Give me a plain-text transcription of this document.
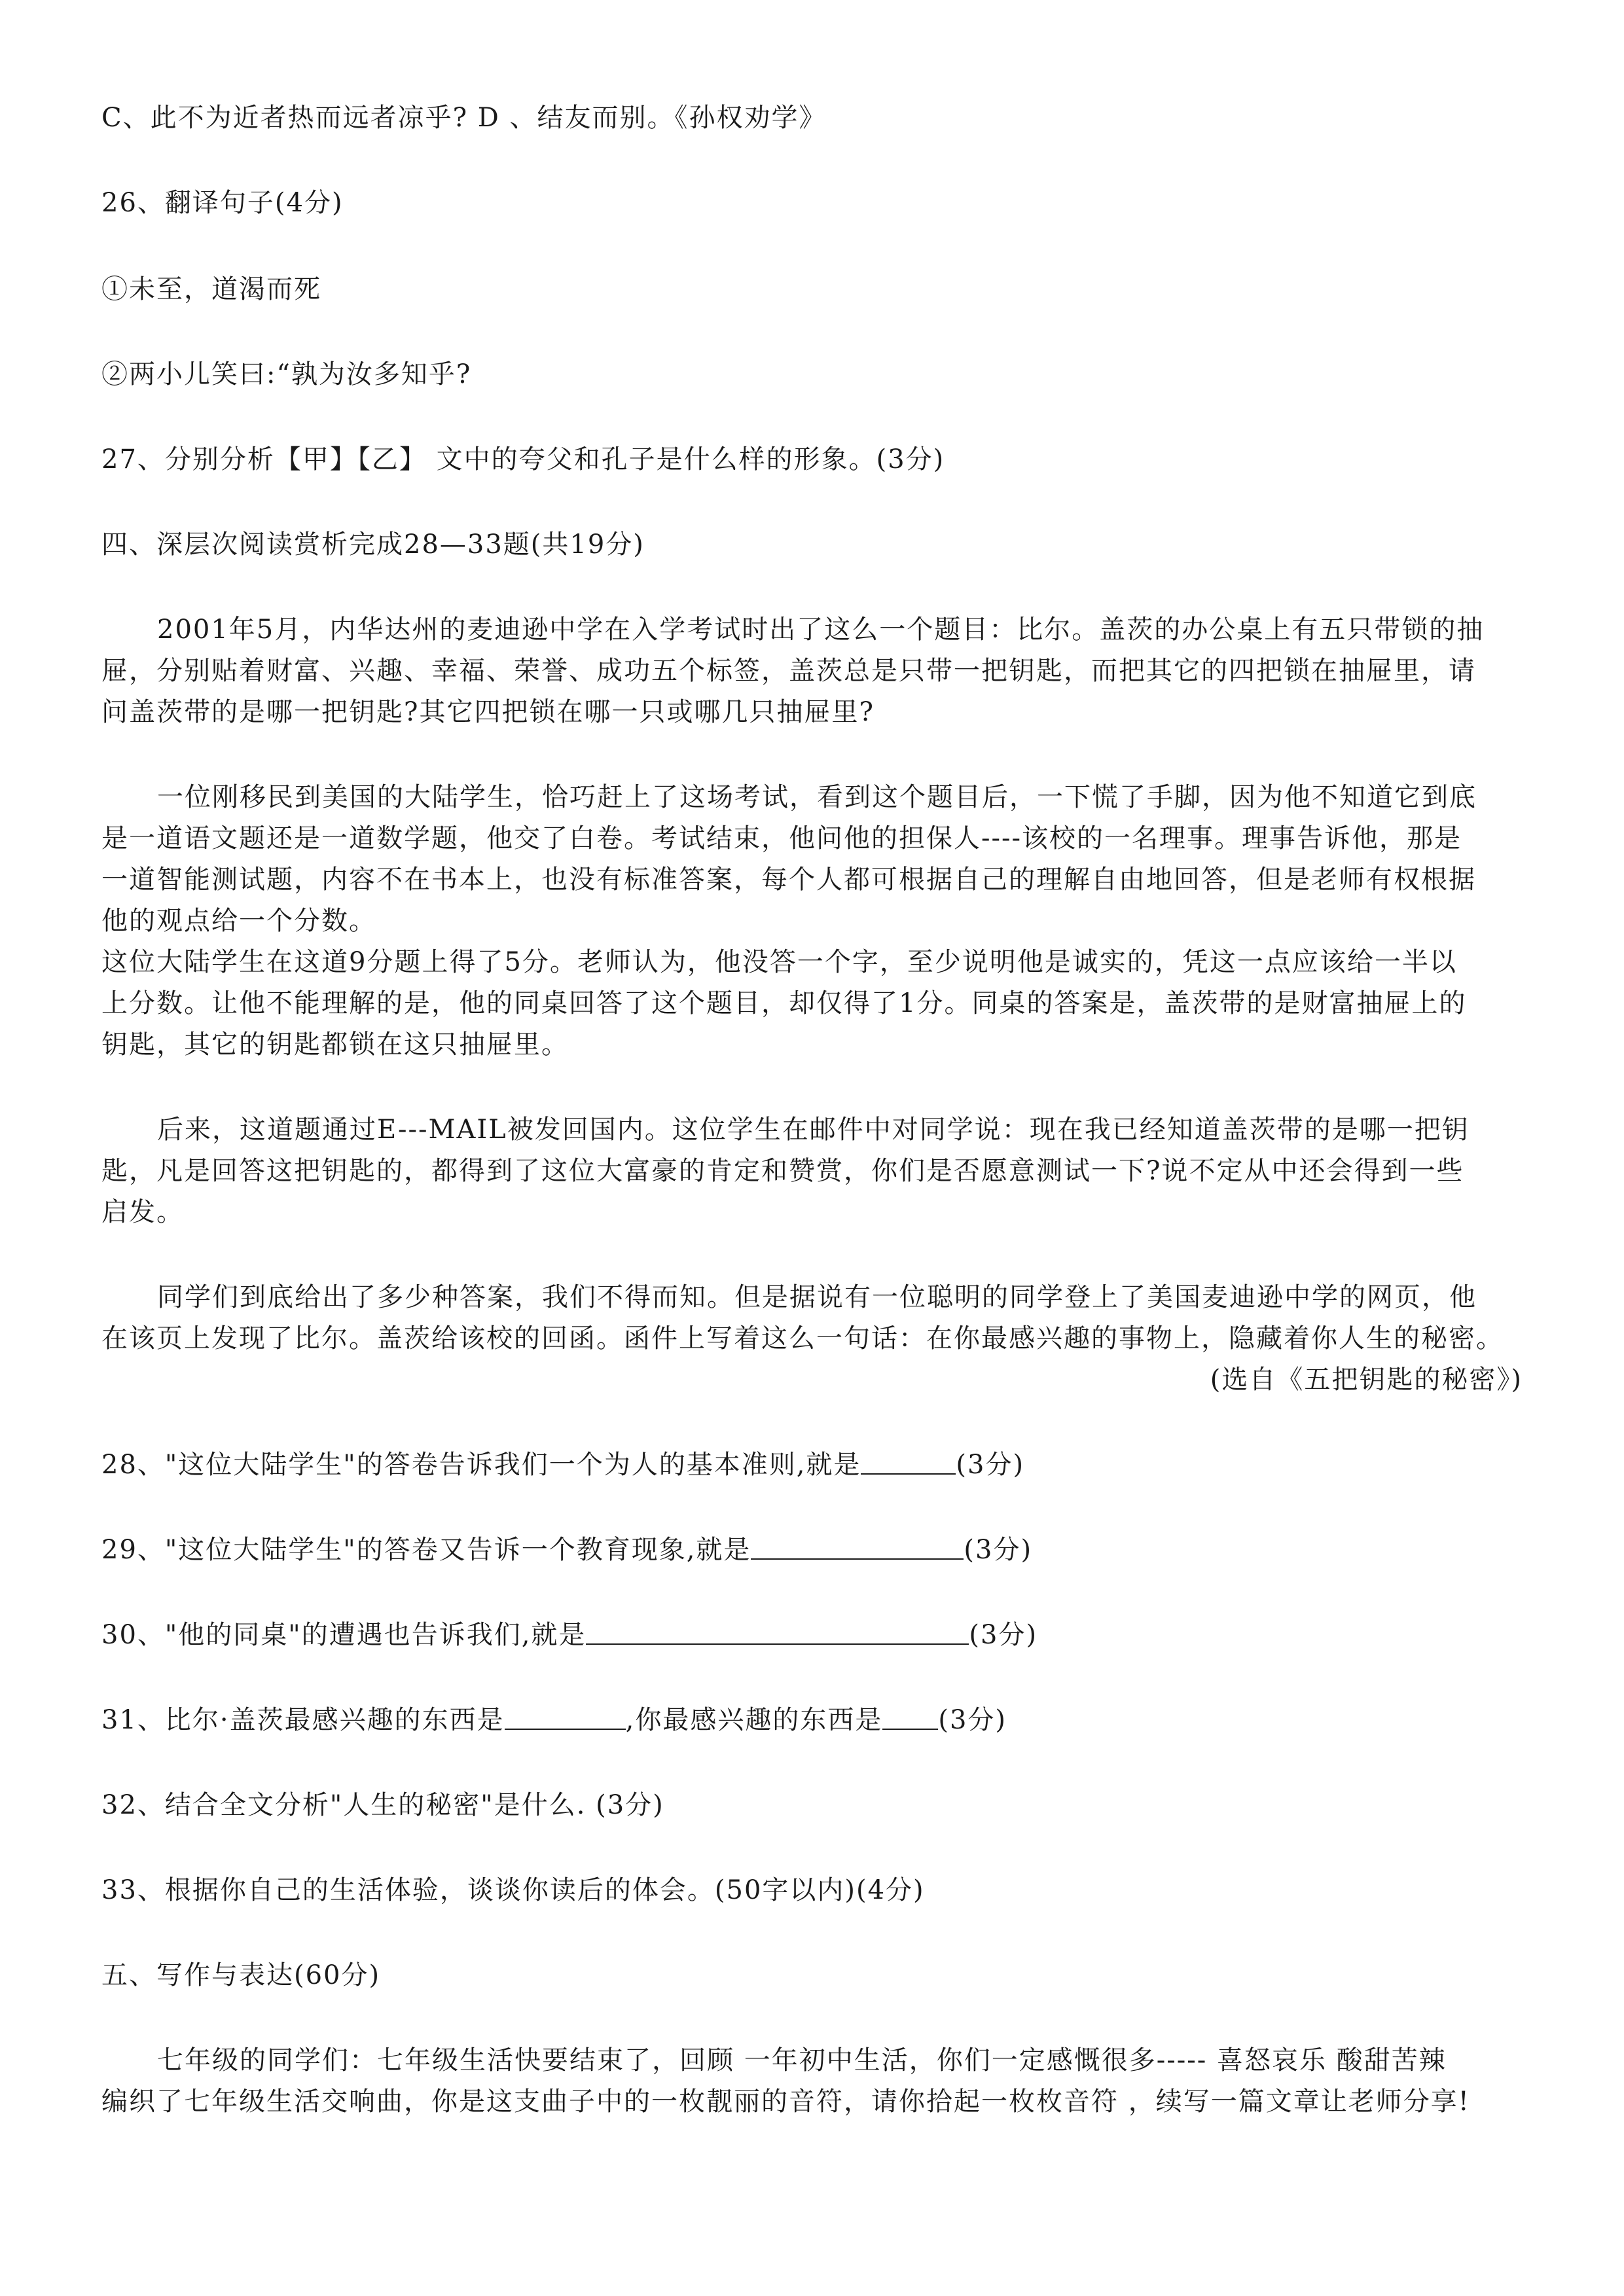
C、此不为近者热而远者凉乎? D 、结友而别。《孙权劝学》
26、翻译句子(4分)
①未至，道渴而死
②两小儿笑曰:“孰为汝多知乎?
27、分别分析【甲】【乙】 文中的夸父和孔子是什么样的形象。(3分)
四、深层次阅读赏析完成28—33题(共19分)
2001年5月，内华达州的麦迪逊中学在入学考试时出了这么一个题目：比尔。盖茨的办公桌上有五只带锁的抽
屉，分别贴着财富、兴趣、幸福、荣誉、成功五个标签，盖茨总是只带一把钥匙，而把其它的四把锁在抽屉里，请
问盖茨带的是哪一把钥匙?其它四把锁在哪一只或哪几只抽屉里?
一位刚移民到美国的大陆学生，恰巧赶上了这场考试，看到这个题目后，一下慌了手脚，因为他不知道它到底
是一道语文题还是一道数学题，他交了白卷。考试结束，他问他的担保人----该校的一名理事。理事告诉他，那是
一道智能测试题，内容不在书本上，也没有标准答案，每个人都可根据自己的理解自由地回答，但是老师有权根据
他的观点给一个分数。
这位大陆学生在这道9分题上得了5分。老师认为，他没答一个字，至少说明他是诚实的，凭这一点应该给一半以
上分数。让他不能理解的是，他的同桌回答了这个题目，却仅得了1分。同桌的答案是，盖茨带的是财富抽屉上的
钥匙，其它的钥匙都锁在这只抽屉里。
后来，这道题通过E---MAIL被发回国内。这位学生在邮件中对同学说：现在我已经知道盖茨带的是哪一把钥
匙，凡是回答这把钥匙的，都得到了这位大富豪的肯定和赞赏，你们是否愿意测试一下?说不定从中还会得到一些
启发。
同学们到底给出了多少种答案，我们不得而知。但是据说有一位聪明的同学登上了美国麦迪逊中学的网页，他
在该页上发现了比尔。盖茨给该校的回函。函件上写着这么一句话：在你最感兴趣的事物上，隐藏着你人生的秘密。
(选自《五把钥匙的秘密》)
28、"这位大陆学生"的答卷告诉我们一个为人的基本准则,就是	(3分)
29、"这位大陆学生"的答卷又告诉一个教育现象,就是	(3分)
30、"他的同桌"的遭遇也告诉我们,就是	(3分)
31、比尔·盖茨最感兴趣的东西是	,你最感兴趣的东西是 (3分)
32、结合全文分析"人生的秘密"是什么. (3分)
33、根据你自己的生活体验，谈谈你读后的体会。(50字以内)(4分)
五、写作与表达(60分)
七年级的同学们：七年级生活快要结束了，回顾 一年初中生活，你们一定感慨很多----- 喜怒哀乐 酸甜苦辣
编织了七年级生活交响曲，你是这支曲子中的一枚靓丽的音符，请你拾起一枚枚音符 ，续写一篇文章让老师分享!
